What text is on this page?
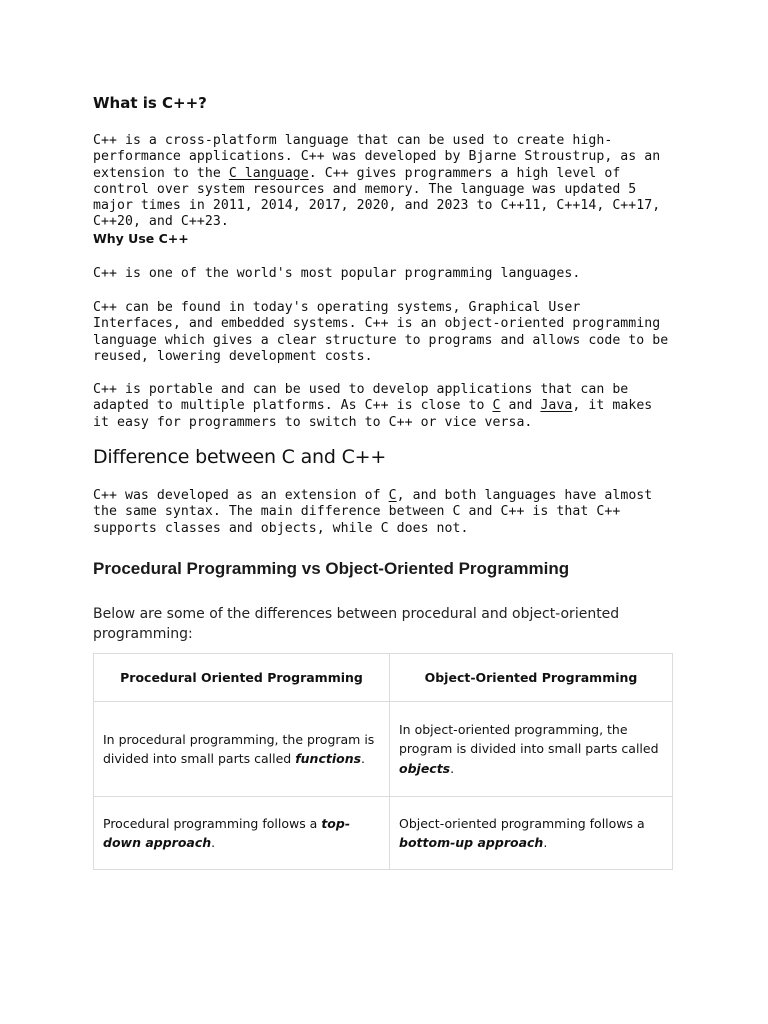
What is C++?

C++ is a cross-platform language that can be used to create high-performance applications. C++ was developed by Bjarne Stroustrup, as an extension to the C language. C++ gives programmers a high level of control over system resources and memory. The language was updated 5 major times in 2011, 2014, 2017, 2020, and 2023 to C++11, C++14, C++17, C++20, and C++23.

Why Use C++

C++ is one of the world's most popular programming languages.

C++ can be found in today's operating systems, Graphical User Interfaces, and embedded systems. C++ is an object-oriented programming language which gives a clear structure to programs and allows code to be reused, lowering development costs.

C++ is portable and can be used to develop applications that can be adapted to multiple platforms. As C++ is close to C and Java, it makes it easy for programmers to switch to C++ or vice versa.

Difference between C and C++

C++ was developed as an extension of C, and both languages have almost the same syntax. The main difference between C and C++ is that C++ supports classes and objects, while C does not.

Procedural Programming vs Object-Oriented Programming

Below are some of the differences between procedural and object-oriented programming:

Procedural Oriented Programming	Object-Oriented Programming
In procedural programming, the program is divided into small parts called functions.	In object-oriented programming, the program is divided into small parts called objects.
Procedural programming follows a top-down approach.	Object-oriented programming follows a bottom-up approach.
